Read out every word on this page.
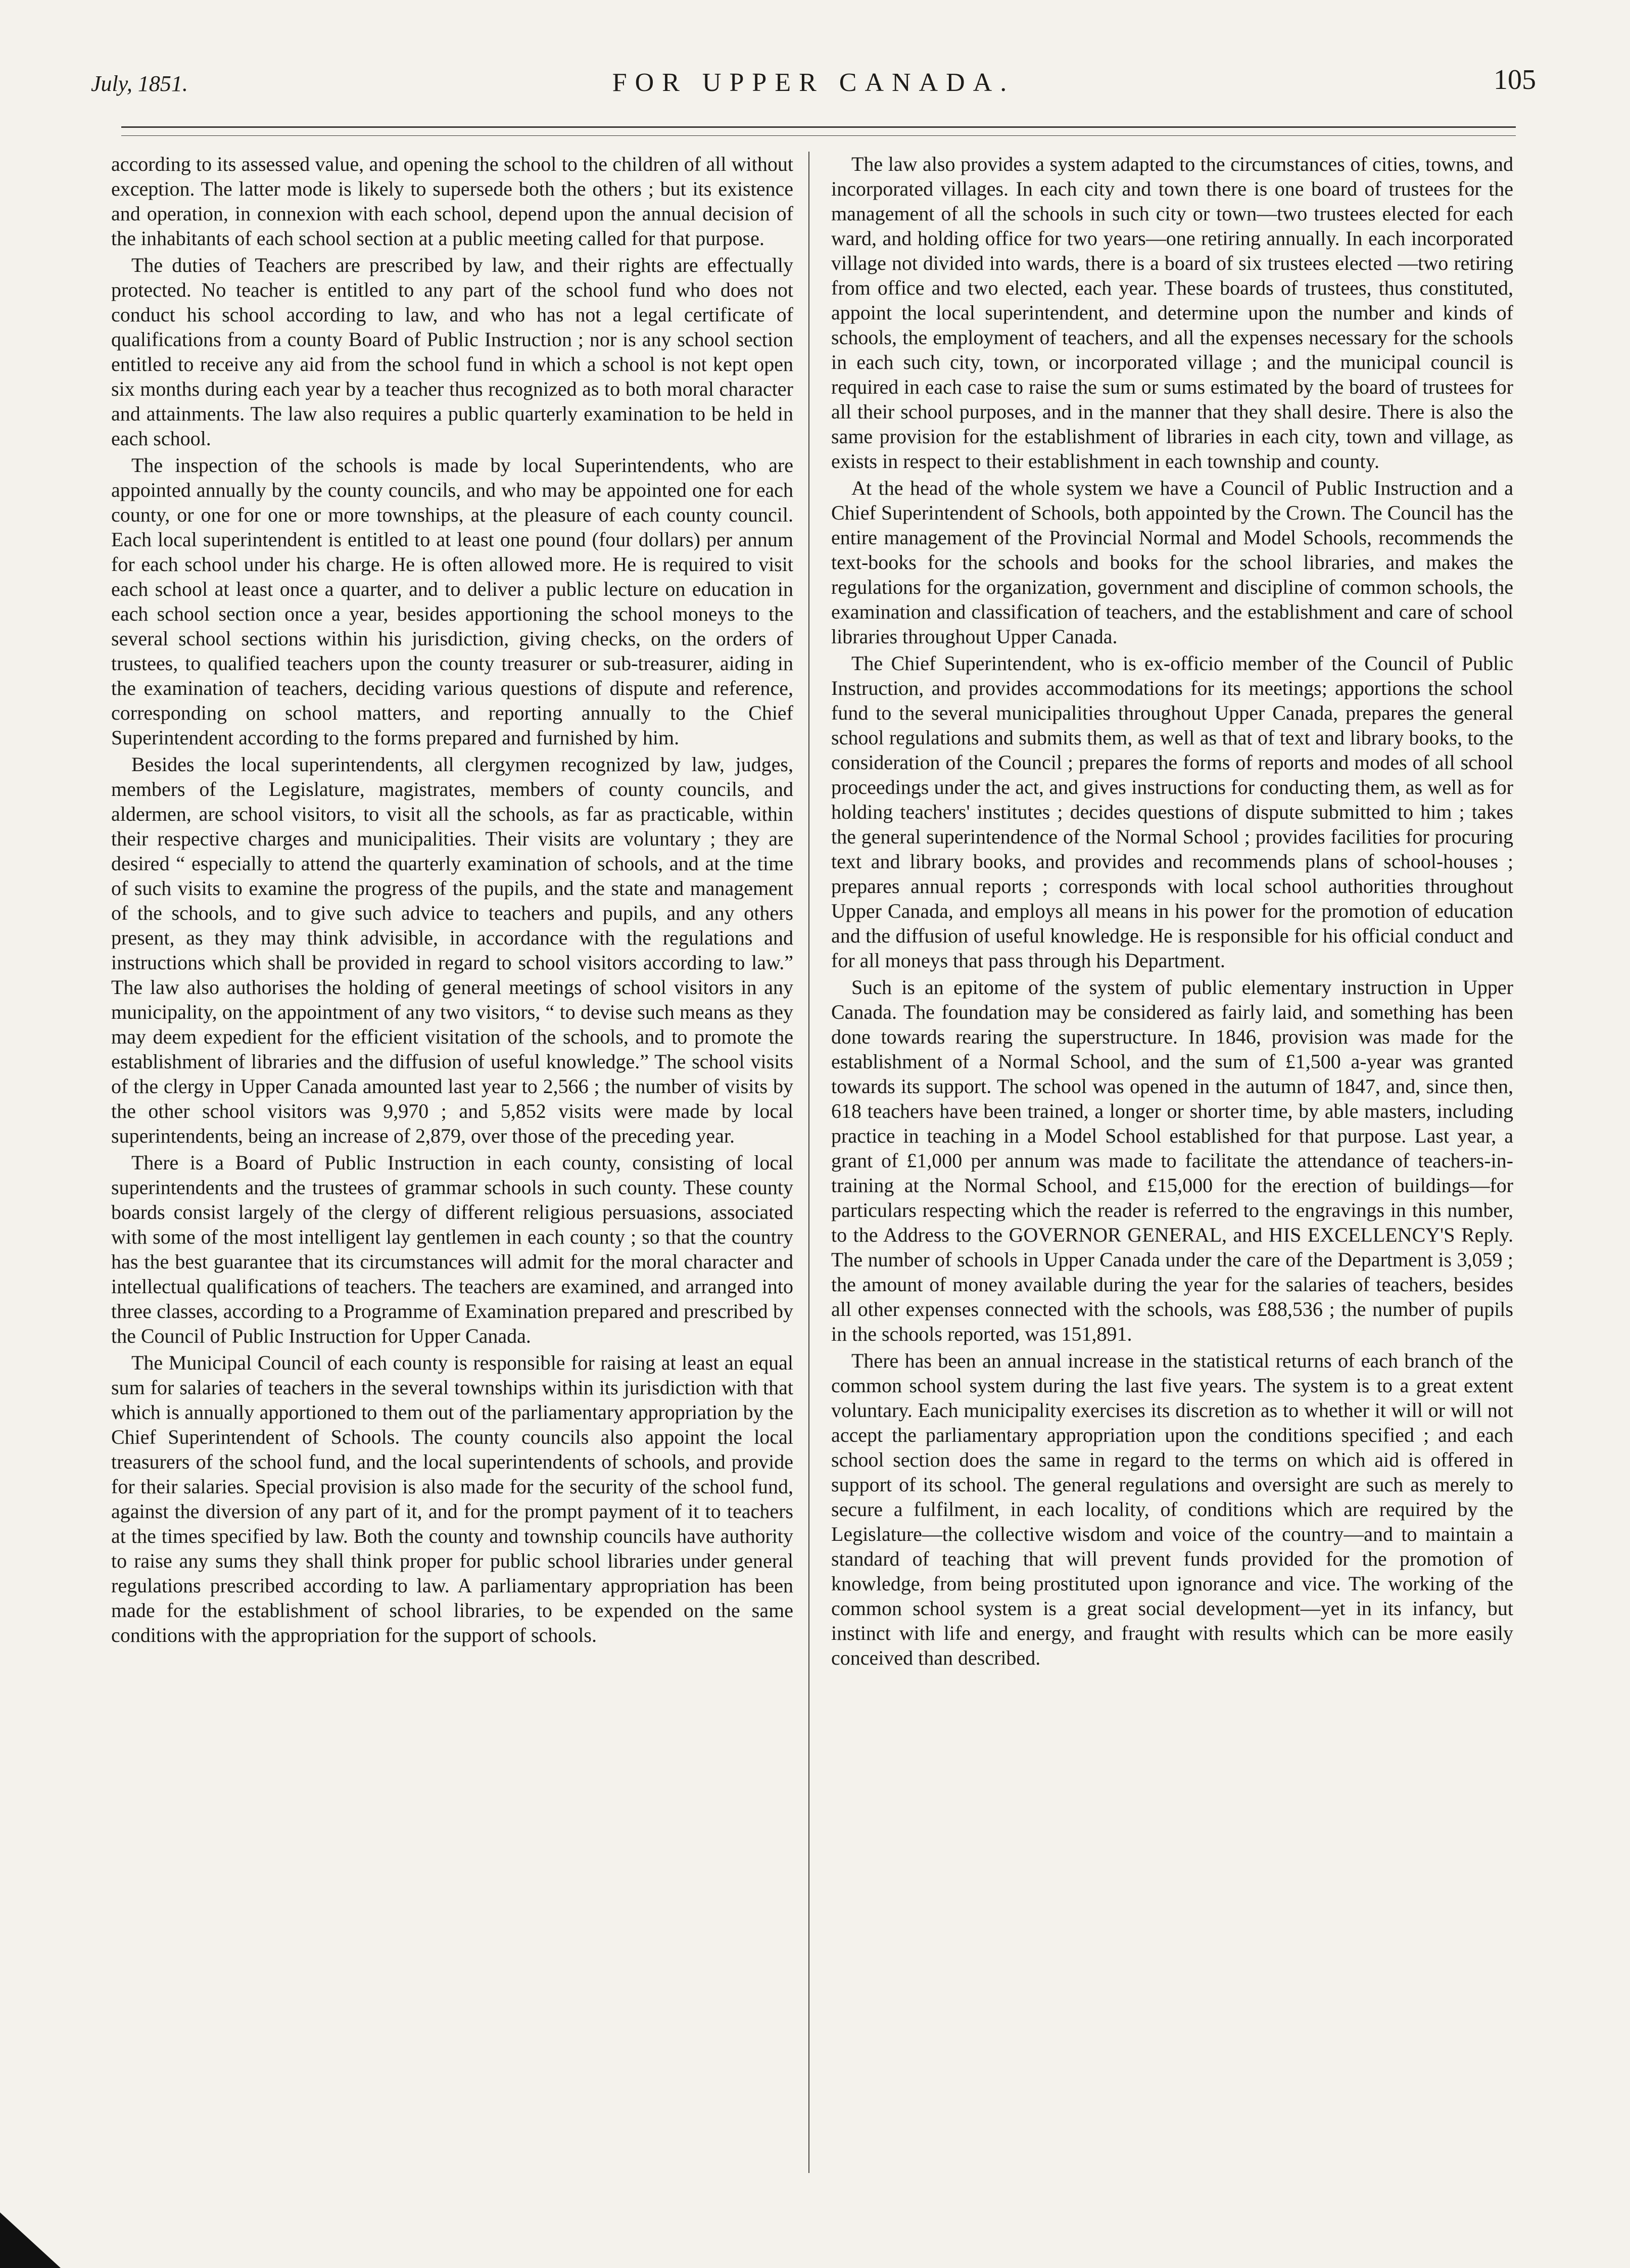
July, 1851.	FOR UPPER CANADA.	105

according to its assessed value, and opening the school to the children of all without exception. The latter mode is likely to supersede both the others ; but its existence and operation, in connexion with each school, depend upon the annual decision of the inhabitants of each school section at a public meeting called for that purpose.

The duties of Teachers are prescribed by law, and their rights are effectually protected. No teacher is entitled to any part of the school fund who does not conduct his school according to law, and who has not a legal certificate of qualifications from a county Board of Public Instruction ; nor is any school section entitled to receive any aid from the school fund in which a school is not kept open six months during each year by a teacher thus recognized as to both moral character and attainments. The law also requires a public quarterly examination to be held in each school.

The inspection of the schools is made by local Superintendents, who are appointed annually by the county councils, and who may be appointed one for each county, or one for one or more townships, at the pleasure of each county council. Each local superintendent is entitled to at least one pound (four dollars) per annum for each school under his charge. He is often allowed more. He is required to visit each school at least once a quarter, and to deliver a public lecture on education in each school section once a year, besides apportioning the school moneys to the several school sections within his jurisdiction, giving checks, on the orders of trustees, to qualified teachers upon the county treasurer or sub-treasurer, aiding in the examination of teachers, deciding various questions of dispute and reference, corresponding on school matters, and reporting annually to the Chief Superintendent according to the forms prepared and furnished by him.

Besides the local superintendents, all clergymen recognized by law, judges, members of the Legislature, magistrates, members of county councils, and aldermen, are school visitors, to visit all the schools, as far as practicable, within their respective charges and municipalities. Their visits are voluntary ; they are desired “ especially to attend the quarterly examination of schools, and at the time of such visits to examine the progress of the pupils, and the state and management of the schools, and to give such advice to teachers and pupils, and any others present, as they may think advisible, in accordance with the regulations and instructions which shall be provided in regard to school visitors according to law.” The law also authorises the holding of general meetings of school visitors in any municipality, on the appointment of any two visitors, “ to devise such means as they may deem expedient for the efficient visitation of the schools, and to promote the establishment of libraries and the diffusion of useful knowledge.” The school visits of the clergy in Upper Canada amounted last year to 2,566 ; the number of visits by the other school visitors was 9,970 ; and 5,852 visits were made by local superintendents, being an increase of 2,879, over those of the preceding year.

There is a Board of Public Instruction in each county, consisting of local superintendents and the trustees of grammar schools in such county. These county boards consist largely of the clergy of different religious persuasions, associated with some of the most intelligent lay gentlemen in each county ; so that the country has the best guarantee that its circumstances will admit for the moral character and intellectual qualifications of teachers. The teachers are examined, and arranged into three classes, according to a Programme of Examination prepared and prescribed by the Council of Public Instruction for Upper Canada.

The Municipal Council of each county is responsible for raising at least an equal sum for salaries of teachers in the several townships within its jurisdiction with that which is annually apportioned to them out of the parliamentary appropriation by the Chief Superintendent of Schools. The county councils also appoint the local treasurers of the school fund, and the local superintendents of schools, and provide for their salaries. Special provision is also made for the security of the school fund, against the diversion of any part of it, and for the prompt payment of it to teachers at the times specified by law. Both the county and township councils have authority to raise any sums they shall think proper for public school libraries under general regulations prescribed according to law. A parliamentary appropriation has been made for the establishment of school libraries, to be expended on the same conditions with the appropriation for the support of schools.

The law also provides a system adapted to the circumstances of cities, towns, and incorporated villages. In each city and town there is one board of trustees for the management of all the schools in such city or town—two trustees elected for each ward, and holding office for two years—one retiring annually. In each incorporated village not divided into wards, there is a board of six trustees elected —two retiring from office and two elected, each year. These boards of trustees, thus constituted, appoint the local superintendent, and determine upon the number and kinds of schools, the employment of teachers, and all the expenses necessary for the schools in each such city, town, or incorporated village ; and the municipal council is required in each case to raise the sum or sums estimated by the board of trustees for all their school purposes, and in the manner that they shall desire. There is also the same provision for the establishment of libraries in each city, town and village, as exists in respect to their establishment in each township and county.

At the head of the whole system we have a Council of Public Instruction and a Chief Superintendent of Schools, both appointed by the Crown. The Council has the entire management of the Provincial Normal and Model Schools, recommends the text-books for the schools and books for the school libraries, and makes the regulations for the organization, government and discipline of common schools, the examination and classification of teachers, and the establishment and care of school libraries throughout Upper Canada.

The Chief Superintendent, who is ex-officio member of the Council of Public Instruction, and provides accommodations for its meetings; apportions the school fund to the several municipalities throughout Upper Canada, prepares the general school regulations and submits them, as well as that of text and library books, to the consideration of the Council ; prepares the forms of reports and modes of all school proceedings under the act, and gives instructions for conducting them, as well as for holding teachers' institutes ; decides questions of dispute submitted to him ; takes the general superintendence of the Normal School ; provides facilities for procuring text and library books, and provides and recommends plans of school-houses ; prepares annual reports ; corresponds with local school authorities throughout Upper Canada, and employs all means in his power for the promotion of education and the diffusion of useful knowledge. He is responsible for his official conduct and for all moneys that pass through his Department.

Such is an epitome of the system of public elementary instruction in Upper Canada. The foundation may be considered as fairly laid, and something has been done towards rearing the superstructure. In 1846, provision was made for the establishment of a Normal School, and the sum of £1,500 a-year was granted towards its support. The school was opened in the autumn of 1847, and, since then, 618 teachers have been trained, a longer or shorter time, by able masters, including practice in teaching in a Model School established for that purpose. Last year, a grant of £1,000 per annum was made to facilitate the attendance of teachers-in-training at the Normal School, and £15,000 for the erection of buildings—for particulars respecting which the reader is referred to the engravings in this number, to the Address to the GOVERNOR GENERAL, and HIS EXCELLENCY'S Reply. The number of schools in Upper Canada under the care of the Department is 3,059 ; the amount of money available during the year for the salaries of teachers, besides all other expenses connected with the schools, was £88,536 ; the number of pupils in the schools reported, was 151,891.

There has been an annual increase in the statistical returns of each branch of the common school system during the last five years. The system is to a great extent voluntary. Each municipality exercises its discretion as to whether it will or will not accept the parliamentary appropriation upon the conditions specified ; and each school section does the same in regard to the terms on which aid is offered in support of its school. The general regulations and oversight are such as merely to secure a fulfilment, in each locality, of conditions which are required by the Legislature—the collective wisdom and voice of the country—and to maintain a standard of teaching that will prevent funds provided for the promotion of knowledge, from being prostituted upon ignorance and vice. The working of the common school system is a great social development—yet in its infancy, but instinct with life and energy, and fraught with results which can be more easily conceived than described.
